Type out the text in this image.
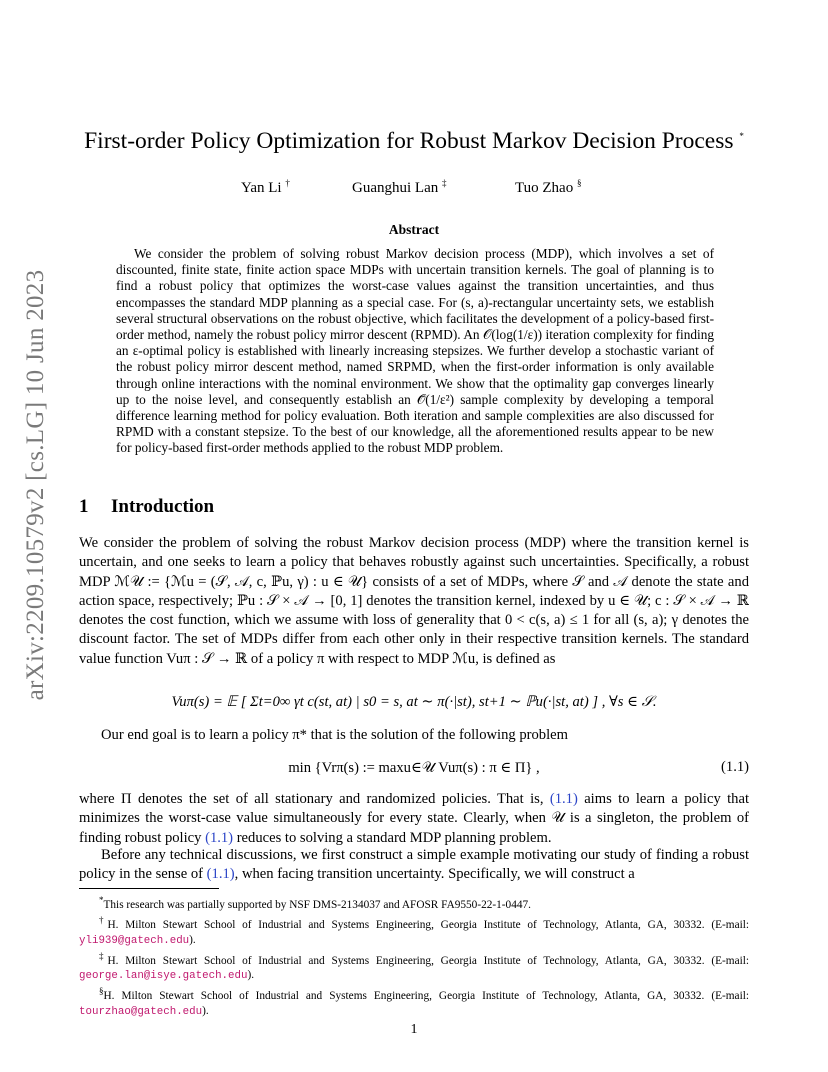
arXiv:2209.10579v2 [cs.LG] 10 Jun 2023
First-order Policy Optimization for Robust Markov Decision Process *
Yan Li †	Guanghui Lan ‡	Tuo Zhao §
Abstract

We consider the problem of solving robust Markov decision process (MDP), which involves a set of discounted, finite state, finite action space MDPs with uncertain transition kernels. The goal of planning is to find a robust policy that optimizes the worst-case values against the transition uncertainties, and thus encompasses the standard MDP planning as a special case. For (s, a)-rectangular uncertainty sets, we establish several structural observations on the robust objective, which facilitates the development of a policy-based first-order method, namely the robust policy mirror descent (RPMD). An 𝒪(log(1/ε)) iteration complexity for finding an ε-optimal policy is established with linearly increasing stepsizes. We further develop a stochastic variant of the robust policy mirror descent method, named SRPMD, when the first-order information is only available through online interactions with the nominal environment. We show that the optimality gap converges linearly up to the noise level, and consequently establish an 𝒪̃(1/ε²) sample complexity by developing a temporal difference learning method for policy evaluation. Both iteration and sample complexities are also discussed for RPMD with a constant stepsize. To the best of our knowledge, all the aforementioned results appear to be new for policy-based first-order methods applied to the robust MDP problem.

1 Introduction

We consider the problem of solving the robust Markov decision process (MDP) where the transition kernel is uncertain, and one seeks to learn a policy that behaves robustly against such uncertainties. Specifically, a robust MDP ℳ𝒰 := {ℳu = (𝒮, 𝒜, c, ℙu, γ) : u ∈ 𝒰} consists of a set of MDPs, where 𝒮 and 𝒜 denote the state and action space, respectively; ℙu : 𝒮 × 𝒜 → [0, 1] denotes the transition kernel, indexed by u ∈ 𝒰; c : 𝒮 × 𝒜 → ℝ denotes the cost function, which we assume with loss of generality that 0 < c(s, a) ≤ 1 for all (s, a); γ denotes the discount factor. The set of MDPs differ from each other only in their respective transition kernels. The standard value function Vuπ : 𝒮 → ℝ of a policy π with respect to MDP ℳu, is defined as

Vuπ(s) = 𝔼 [ Σt=0∞ γt c(st, at) | s0 = s, at ∼ π(·|st), st+1 ∼ ℙu(·|st, at) ] , ∀s ∈ 𝒮.

Our end goal is to learn a policy π* that is the solution of the following problem

min {Vrπ(s) := maxu∈𝒰 Vuπ(s) : π ∈ Π} ,	(1.1)

where Π denotes the set of all stationary and randomized policies. That is, (1.1) aims to learn a policy that minimizes the worst-case value simultaneously for every state. Clearly, when 𝒰 is a singleton, the problem of finding robust policy (1.1) reduces to solving a standard MDP planning problem.

Before any technical discussions, we first construct a simple example motivating our study of finding a robust policy in the sense of (1.1), when facing transition uncertainty. Specifically, we will construct a

*This research was partially supported by NSF DMS-2134037 and AFOSR FA9550-22-1-0447.

†H. Milton Stewart School of Industrial and Systems Engineering, Georgia Institute of Technology, Atlanta, GA, 30332. (E-mail: yli939@gatech.edu).

‡H. Milton Stewart School of Industrial and Systems Engineering, Georgia Institute of Technology, Atlanta, GA, 30332. (E-mail: george.lan@isye.gatech.edu).

§H. Milton Stewart School of Industrial and Systems Engineering, Georgia Institute of Technology, Atlanta, GA, 30332. (E-mail: tourzhao@gatech.edu).

1
